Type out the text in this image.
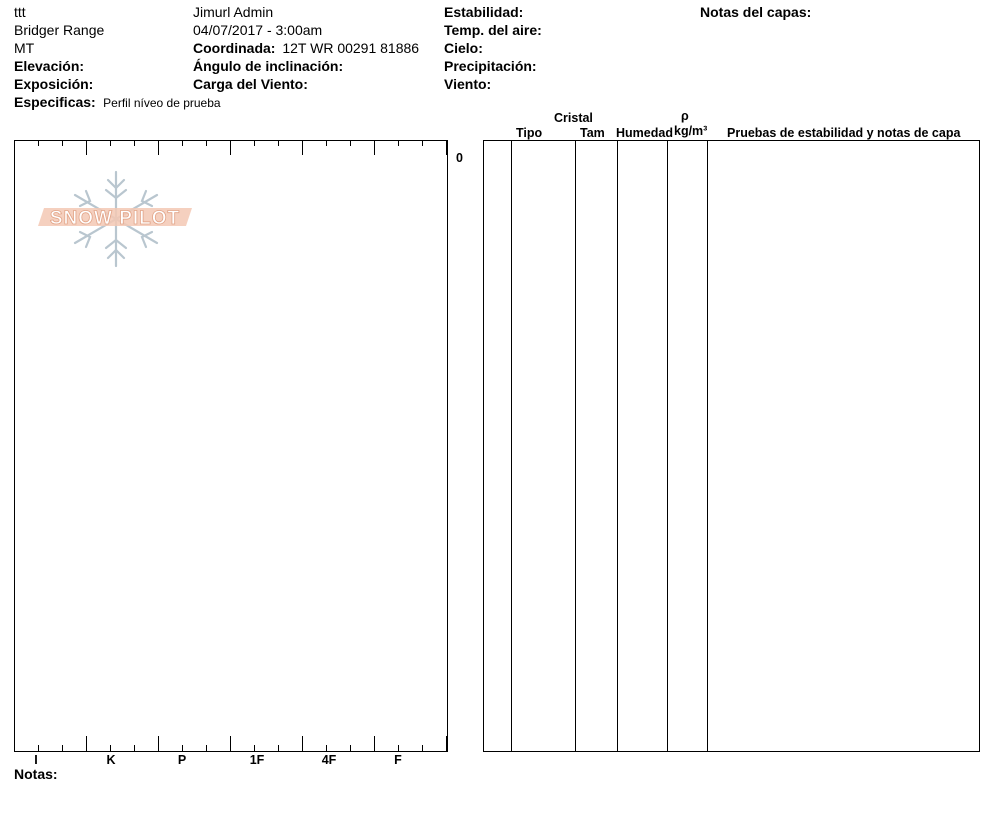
ttt
Bridger Range
MT
Elevación:
Exposición:
Especificas: Perfil níveo de prueba
Jimurl Admin
04/07/2017 - 3:00am
Coordinada: 12T WR 00291 81886
Ángulo de inclinación:
Carga del Viento:
Estabilidad:
Temp. del aire:
Cielo:
Precipitación:
Viento:
Notas del capas:
0
SNOW PILOT
I	K	P	1F	4F	F
Cristal	ρ
Tipo	Tam Humedad kg/m³ Pruebas de estabilidad y notas de capa
Notas:
